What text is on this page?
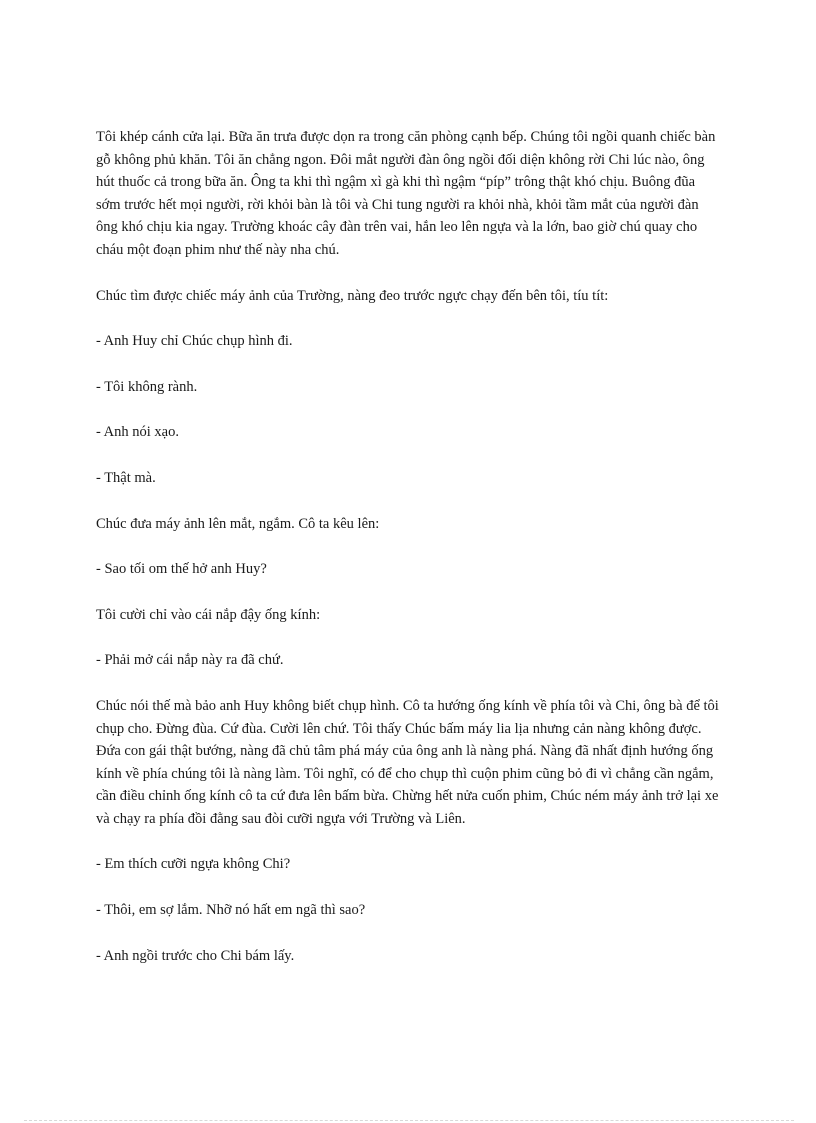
Tôi khép cánh cửa lại. Bữa ăn trưa được dọn ra trong căn phòng cạnh bếp. Chúng tôi ngồi quanh chiếc bàn gỗ không phủ khăn. Tôi ăn chẳng ngon. Đôi mắt người đàn ông ngồi đối diện không rời Chi lúc nào, ông hút thuốc cả trong bữa ăn. Ông ta khi thì ngậm xì gà khi thì ngậm “píp” trông thật khó chịu. Buông đũa sớm trước hết mọi người, rời khỏi bàn là tôi và Chi tung người ra khỏi nhà, khỏi tầm mắt của người đàn ông khó chịu kia ngay. Trường khoác cây đàn trên vai, hắn leo lên ngựa và la lớn, bao giờ chú quay cho cháu một đoạn phim như thế này nha chú.

Chúc tìm được chiếc máy ảnh của Trường, nàng đeo trước ngực chạy đến bên tôi, tíu tít:

- Anh Huy chỉ Chúc chụp hình đi.

- Tôi không rành.

- Anh nói xạo.

- Thật mà.

Chúc đưa máy ảnh lên mắt, ngắm. Cô ta kêu lên:

- Sao tối om thế hở anh Huy?

Tôi cười chỉ vào cái nắp đậy ống kính:

- Phải mở cái nắp này ra đã chứ.

Chúc nói thế mà bảo anh Huy không biết chụp hình. Cô ta hướng ống kính về phía tôi và Chi, ông bà để tôi chụp cho. Đừng đùa. Cứ đùa. Cười lên chứ. Tôi thấy Chúc bấm máy lia lịa nhưng cản nàng không được. Đứa con gái thật bướng, nàng đã chủ tâm phá máy của ông anh là nàng phá. Nàng đã nhất định hướng ống kính về phía chúng tôi là nàng làm. Tôi nghĩ, có để cho chụp thì cuộn phim cũng bỏ đi vì chẳng cần ngắm, cần điều chỉnh ống kính cô ta cứ đưa lên bấm bừa. Chừng hết nửa cuốn phim, Chúc ném máy ảnh trở lại xe và chạy ra phía đồi đằng sau đòi cưỡi ngựa với Trường và Liên.

- Em thích cưỡi ngựa không Chi?

- Thôi, em sợ lắm. Nhỡ nó hất em ngã thì sao?

- Anh ngồi trước cho Chi bám lấy.
